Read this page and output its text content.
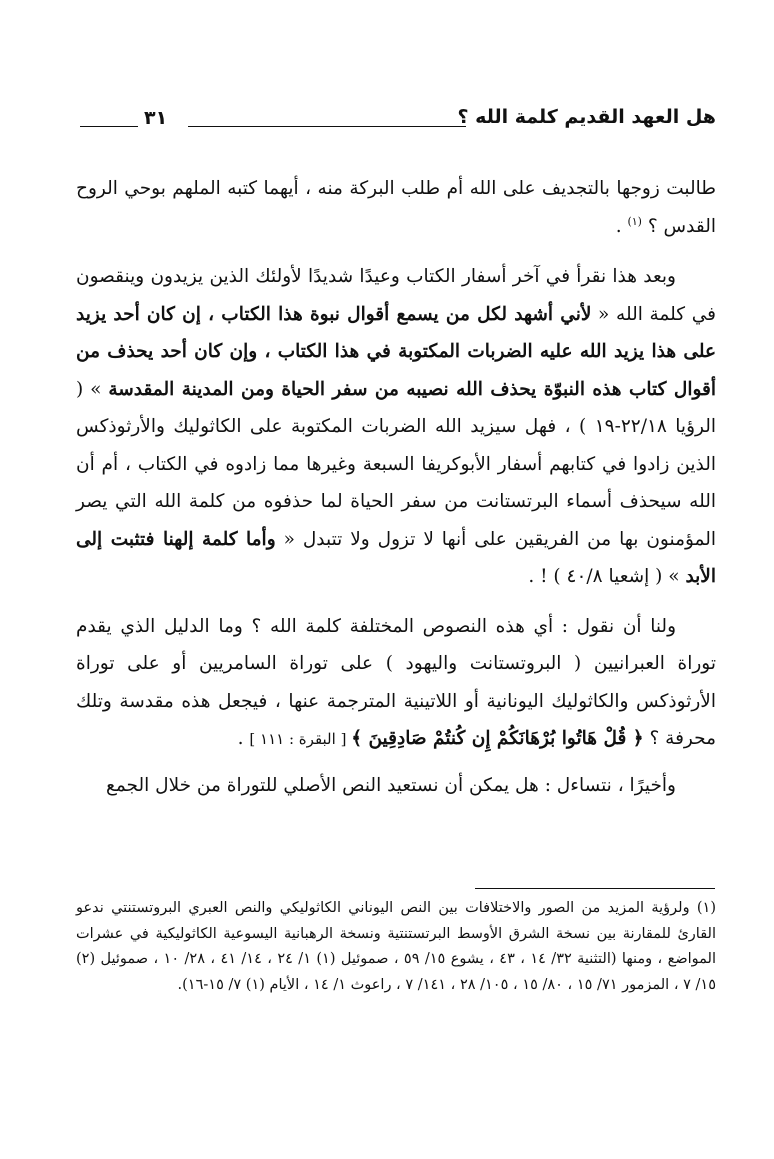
٣١	هل العهد القديم كلمة الله ؟

طالبت زوجها بالتجديف على الله أم طلب البركة منه ، أيهما كتبه الملهم بوحي الروح القدس ؟ $^{(١)}$ .

وبعد هذا نقرأ في آخر أسفار الكتاب وعيدًا شديدًا لأولئك الذين يزيدون وينقصون في كلمة الله « لأني أشهد لكل من يسمع أقوال نبوة هذا الكتاب ، إن كان أحد يزيد على هذا يزيد الله عليه الضربات المكتوبة في هذا الكتاب ، وإن كان أحد يحذف من أقوال كتاب هذه النبوّة يحذف الله نصيبه من سفر الحياة ومن المدينة المقدسة » ( الرؤيا ٢٢/١٨-١٩ ) ، فهل سيزيد الله الضربات المكتوبة على الكاثوليك والأرثوذكس الذين زادوا في كتابهم أسفار الأبوكريفا السبعة وغيرها مما زادوه في الكتاب ، أم أن الله سيحذف أسماء البرتستانت من سفر الحياة لما حذفوه من كلمة الله التي يصر المؤمنون بها من الفريقين على أنها لا تزول ولا تتبدل « وأما كلمة إلهنا فتثبت إلى الأبد » ( إشعيا ٤٠/٨ ) ! .

ولنا أن نقول : أي هذه النصوص المختلفة كلمة الله ؟ وما الدليل الذي يقدم توراة العبرانيين ( البروتستانت واليهود ) على توراة السامريين أو على توراة الأرثوذكس والكاثوليك اليونانية أو اللاتينية المترجمة عنها ، فيجعل هذه مقدسة وتلك محرفة ؟ ﴿ قُلْ هَاتُوا بُرْهَانَكُمْ إِن كُنتُمْ صَادِقِينَ ﴾ [ البقرة : ١١١ ] .

وأخيرًا ، نتساءل : هل يمكن أن نستعيد النص الأصلي للتوراة من خلال الجمع

(١) ولرؤية المزيد من الصور والاختلافات بين النص اليوناني الكاثوليكي والنص العبري البروتستنتي ندعو القارئ للمقارنة بين نسخة الشرق الأوسط البرتستنتية ونسخة الرهبانية اليسوعية الكاثوليكية في عشرات المواضع ، ومنها (التثنية ٣٢/ ١٤ ، ٤٣ ، يشوع ١٥/ ٥٩ ، صموئيل (١) ١/ ٢٤ ، ١٤/ ٤١ ، ٢٨/ ١٠ ، صموئيل (٢) ١٥/ ٧ ، المزمور ٧١/ ١٥ ، ٨٠/ ١٥ ، ١٠٥/ ٢٨ ، ١٤١/ ٧ ، راعوث ١/ ١٤ ، الأيام (١) ٧/ ١٥-١٦).
